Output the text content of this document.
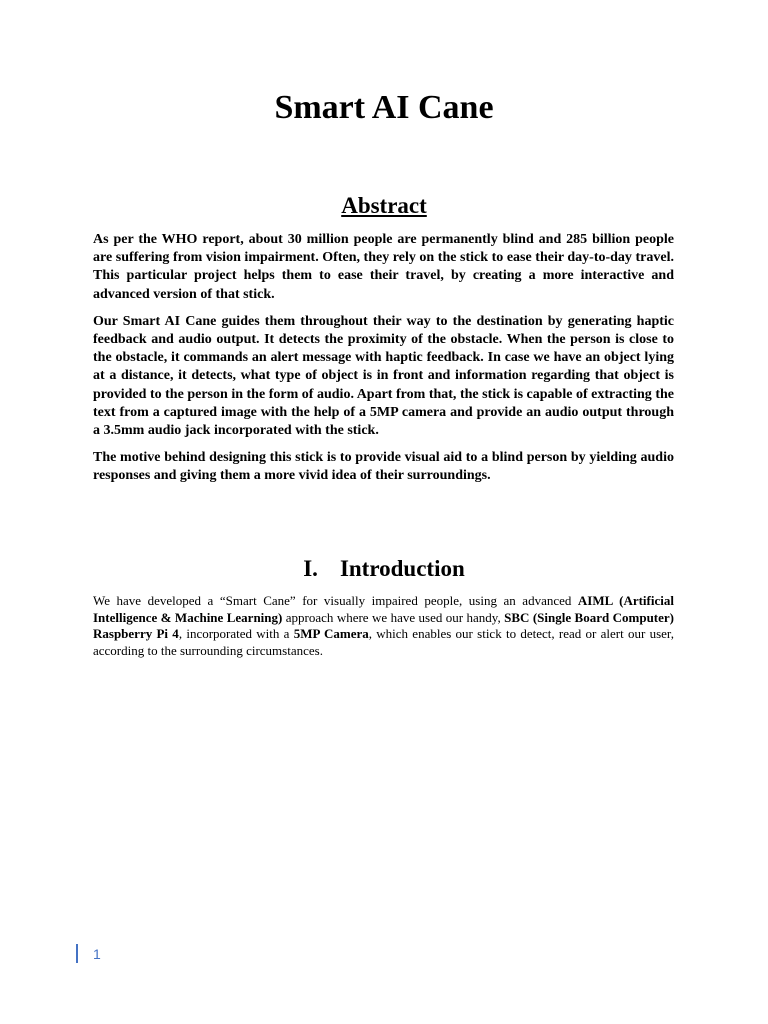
Smart AI Cane
Abstract

As per the WHO report, about 30 million people are permanently blind and 285 billion people are suffering from vision impairment. Often, they rely on the stick to ease their day-to-day travel. This particular project helps them to ease their travel, by creating a more interactive and advanced version of that stick.

Our Smart AI Cane guides them throughout their way to the destination by generating haptic feedback and audio output. It detects the proximity of the obstacle. When the person is close to the obstacle, it commands an alert message with haptic feedback. In case we have an object lying at a distance, it detects, what type of object is in front and information regarding that object is provided to the person in the form of audio. Apart from that, the stick is capable of extracting the text from a captured image with the help of a 5MP camera and provide an audio output through a 3.5mm audio jack incorporated with the stick.

The motive behind designing this stick is to provide visual aid to a blind person by yielding audio responses and giving them a more vivid idea of their surroundings.

I. Introduction

We have developed a “Smart Cane” for visually impaired people, using an advanced AIML (Artificial Intelligence & Machine Learning) approach where we have used our handy, SBC (Single Board Computer) Raspberry Pi 4, incorporated with a 5MP Camera, which enables our stick to detect, read or alert our user, according to the surrounding circumstances.

1
